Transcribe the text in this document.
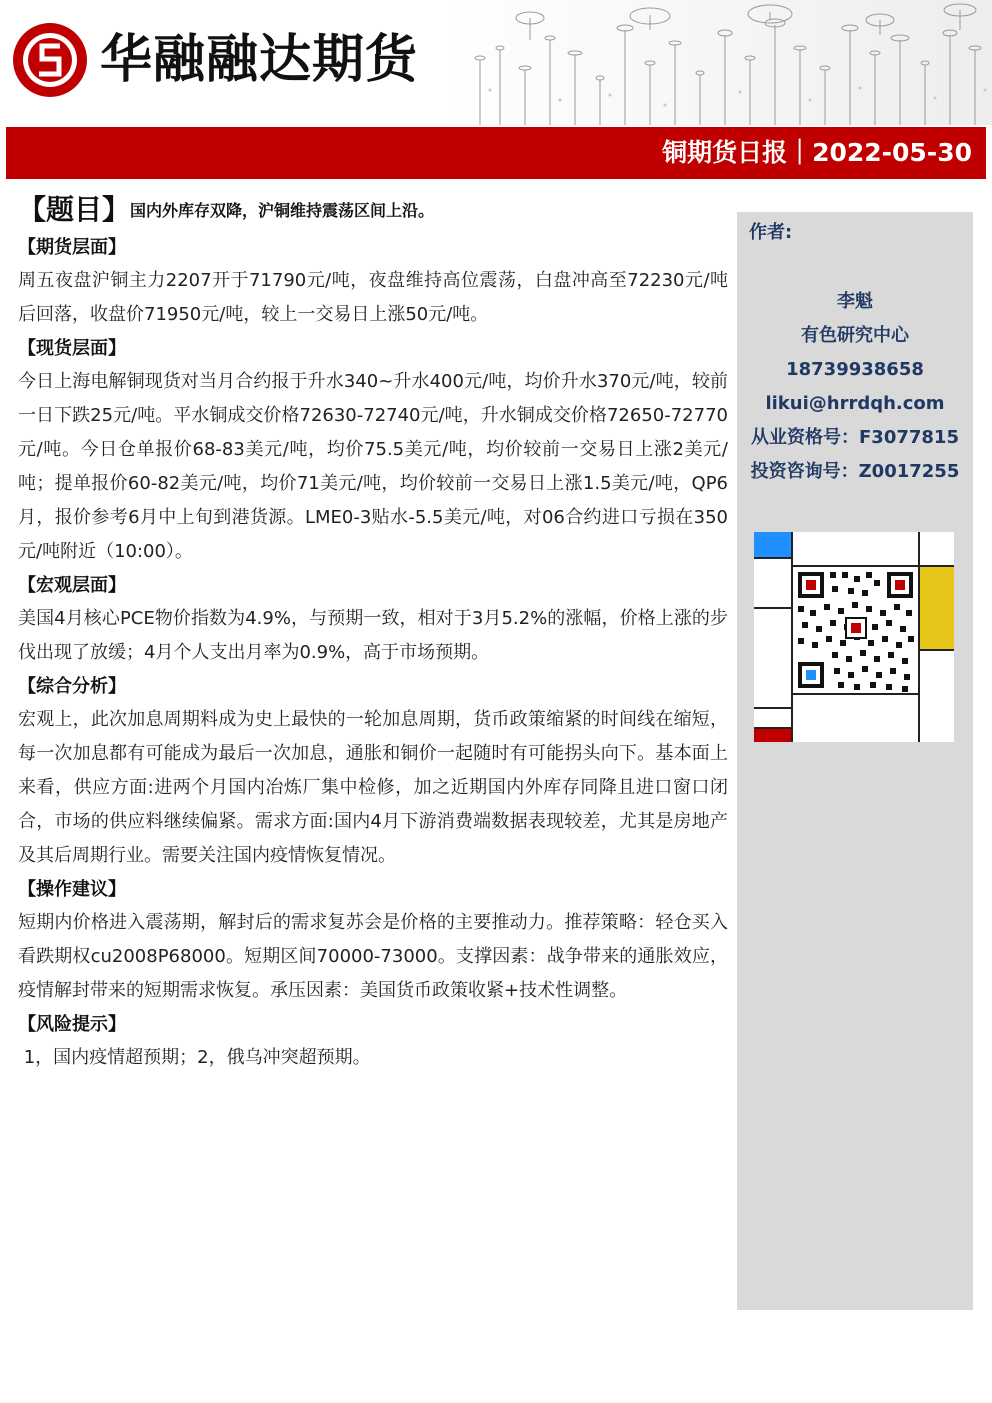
华融融达期货
铜期货日报｜2022-05-30
【题目】国内外库存双降，沪铜维持震荡区间上沿。
【期货层面】

周五夜盘沪铜主力2207开于71790元/吨，夜盘维持高位震荡，白盘冲高至72230元/吨后回落，收盘价71950元/吨，较上一交易日上涨50元/吨。

【现货层面】

今日上海电解铜现货对当月合约报于升水340~升水400元/吨，均价升水370元/吨，较前一日下跌25元/吨。平水铜成交价格72630-72740元/吨，升水铜成交价格72650-72770元/吨。今日仓单报价68-83美元/吨，均价75.5美元/吨，均价较前一交易日上涨2美元/吨；提单报价60-82美元/吨，均价71美元/吨，均价较前一交易日上涨1.5美元/吨，QP6月，报价参考6月中上旬到港货源。LME0-3贴水-5.5美元/吨，对06合约进口亏损在350元/吨附近（10:00）。

【宏观层面】

美国4月核心PCE物价指数为4.9%，与预期一致，相对于3月5.2%的涨幅，价格上涨的步伐出现了放缓；4月个人支出月率为0.9%，高于市场预期。

【综合分析】

宏观上，此次加息周期料成为史上最快的一轮加息周期，货币政策缩紧的时间线在缩短，每一次加息都有可能成为最后一次加息，通胀和铜价一起随时有可能拐头向下。基本面上来看，供应方面:进两个月国内冶炼厂集中检修，加之近期国内外库存同降且进口窗口闭合，市场的供应料继续偏紧。需求方面:国内4月下游消费端数据表现较差，尤其是房地产及其后周期行业。需要关注国内疫情恢复情况。

【操作建议】

短期内价格进入震荡期，解封后的需求复苏会是价格的主要推动力。推荐策略：轻仓买入看跌期权cu2008P68000。短期区间70000-73000。支撑因素：战争带来的通胀效应，疫情解封带来的短期需求恢复。承压因素：美国货币政策收紧+技术性调整。

【风险提示】

1，国内疫情超预期；2，俄乌冲突超预期。

作者:
李魁
有色研究中心
18739938658
likui@hrrdqh.com
从业资格号：F3077815
投资咨询号：Z0017255
